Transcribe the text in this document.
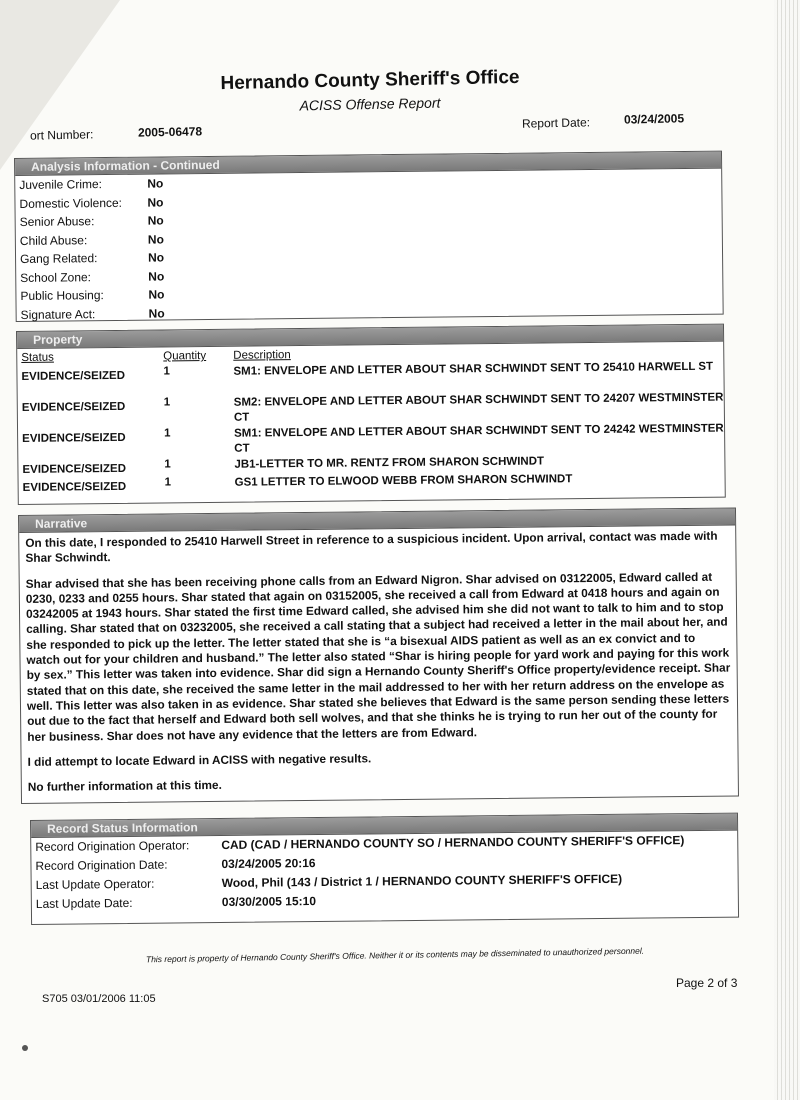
Hernando County Sheriff's Office
ACISS Offense Report
ort Number:	2005-06478
Report Date:	03/24/2005
Analysis Information - Continued
Juvenile Crime:	No
Domestic Violence:	No
Senior Abuse:	No
Child Abuse:	No
Gang Related:	No
School Zone:	No
Public Housing:	No
Signature Act:	No
Property
Status	Quantity	Description
EVIDENCE/SEIZED	1	SM1: ENVELOPE AND LETTER ABOUT SHAR SCHWINDT SENT TO 25410 HARWELL ST
EVIDENCE/SEIZED	1	SM2: ENVELOPE AND LETTER ABOUT SHAR SCHWINDT SENT TO 24207 WESTMINSTER CT
EVIDENCE/SEIZED	1	SM1: ENVELOPE AND LETTER ABOUT SHAR SCHWINDT SENT TO 24242 WESTMINSTER CT
EVIDENCE/SEIZED	1	JB1-LETTER TO MR. RENTZ FROM SHARON SCHWINDT
EVIDENCE/SEIZED	1	GS1 LETTER TO ELWOOD WEBB FROM SHARON SCHWINDT
Narrative

On this date, I responded to 25410 Harwell Street in reference to a suspicious incident. Upon arrival, contact was made with Shar Schwindt.

Shar advised that she has been receiving phone calls from an Edward Nigron. Shar advised on 03122005, Edward called at 0230, 0233 and 0255 hours. Shar stated that again on 03152005, she received a call from Edward at 0418 hours and again on 03242005 at 1943 hours. Shar stated the first time Edward called, she advised him she did not want to talk to him and to stop calling. Shar stated that on 03232005, she received a call stating that a subject had received a letter in the mail about her, and she responded to pick up the letter. The letter stated that she is “a bisexual AIDS patient as well as an ex convict and to watch out for your children and husband.” The letter also stated “Shar is hiring people for yard work and paying for this work by sex.” This letter was taken into evidence. Shar did sign a Hernando County Sheriff's Office property/evidence receipt. Shar stated that on this date, she received the same letter in the mail addressed to her with her return address on the envelope as well. This letter was also taken in as evidence. Shar stated she believes that Edward is the same person sending these letters out due to the fact that herself and Edward both sell wolves, and that she thinks he is trying to run her out of the county for her business. Shar does not have any evidence that the letters are from Edward.

I did attempt to locate Edward in ACISS with negative results.

No further information at this time.

Record Status Information
Record Origination Operator:	CAD (CAD / HERNANDO COUNTY SO / HERNANDO COUNTY SHERIFF'S OFFICE)
Record Origination Date:	03/24/2005 20:16
Last Update Operator:	Wood, Phil (143 / District 1 / HERNANDO COUNTY SHERIFF'S OFFICE)
Last Update Date:	03/30/2005 15:10
This report is property of Hernando County Sheriff's Office. Neither it or its contents may be disseminated to unauthorized personnel.
Page 2 of 3
S705 03/01/2006 11:05
